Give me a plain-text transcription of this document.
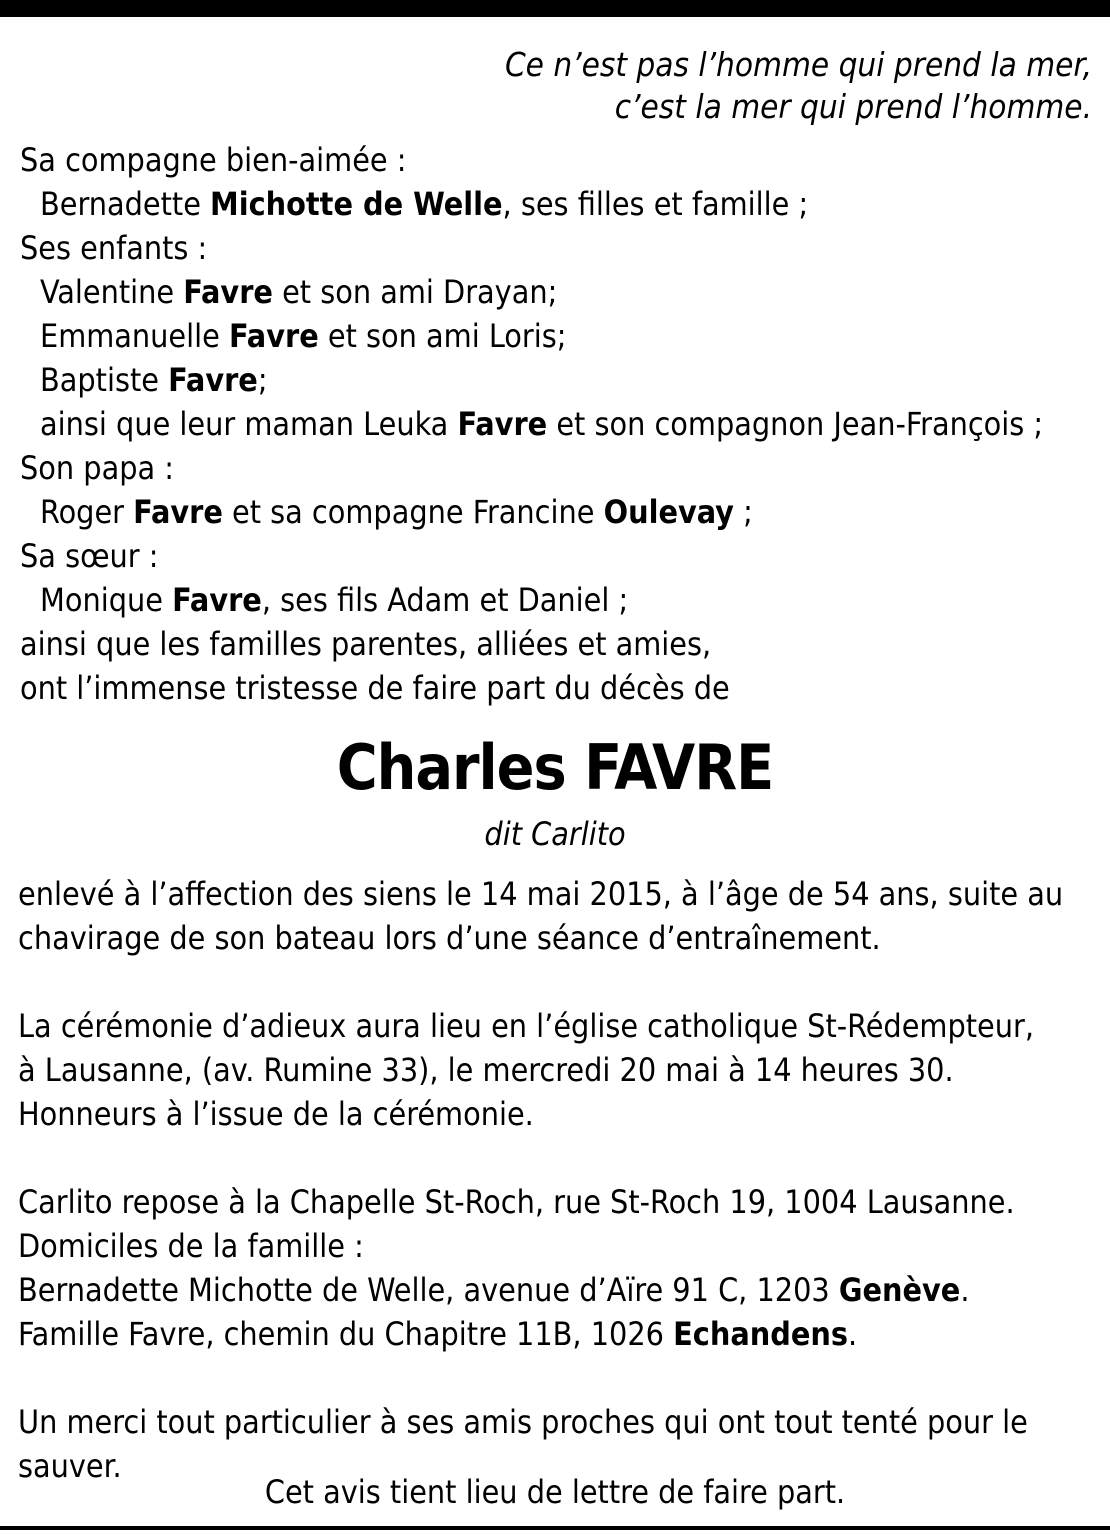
Ce n’est pas l’homme qui prend la mer,
c’est la mer qui prend l’homme.
Sa compagne bien-aimée :
Bernadette Michotte de Welle, ses filles et famille ;
Ses enfants :
Valentine Favre et son ami Drayan;
Emmanuelle Favre et son ami Loris;
Baptiste Favre;
ainsi que leur maman Leuka Favre et son compagnon Jean-François ;
Son papa :
Roger Favre et sa compagne Francine Oulevay ;
Sa sœur :
Monique Favre, ses fils Adam et Daniel ;
ainsi que les familles parentes, alliées et amies,
ont l’immense tristesse de faire part du décès de
Charles FAVRE
dit Carlito
enlevé à l’affection des siens le 14 mai 2015, à l’âge de 54 ans, suite au
chavirage de son bateau lors d’une séance d’entraînement.
La cérémonie d’adieux aura lieu en l’église catholique St-Rédempteur,
à Lausanne, (av. Rumine 33), le mercredi 20 mai à 14 heures 30.
Honneurs à l’issue de la cérémonie.
Carlito repose à la Chapelle St-Roch, rue St-Roch 19, 1004 Lausanne.
Domiciles de la famille :
Bernadette Michotte de Welle, avenue d’Aïre 91 C, 1203 Genève.
Famille Favre, chemin du Chapitre 11B, 1026 Echandens.
Un merci tout particulier à ses amis proches qui ont tout tenté pour le
sauver.
Cet avis tient lieu de lettre de faire part.
